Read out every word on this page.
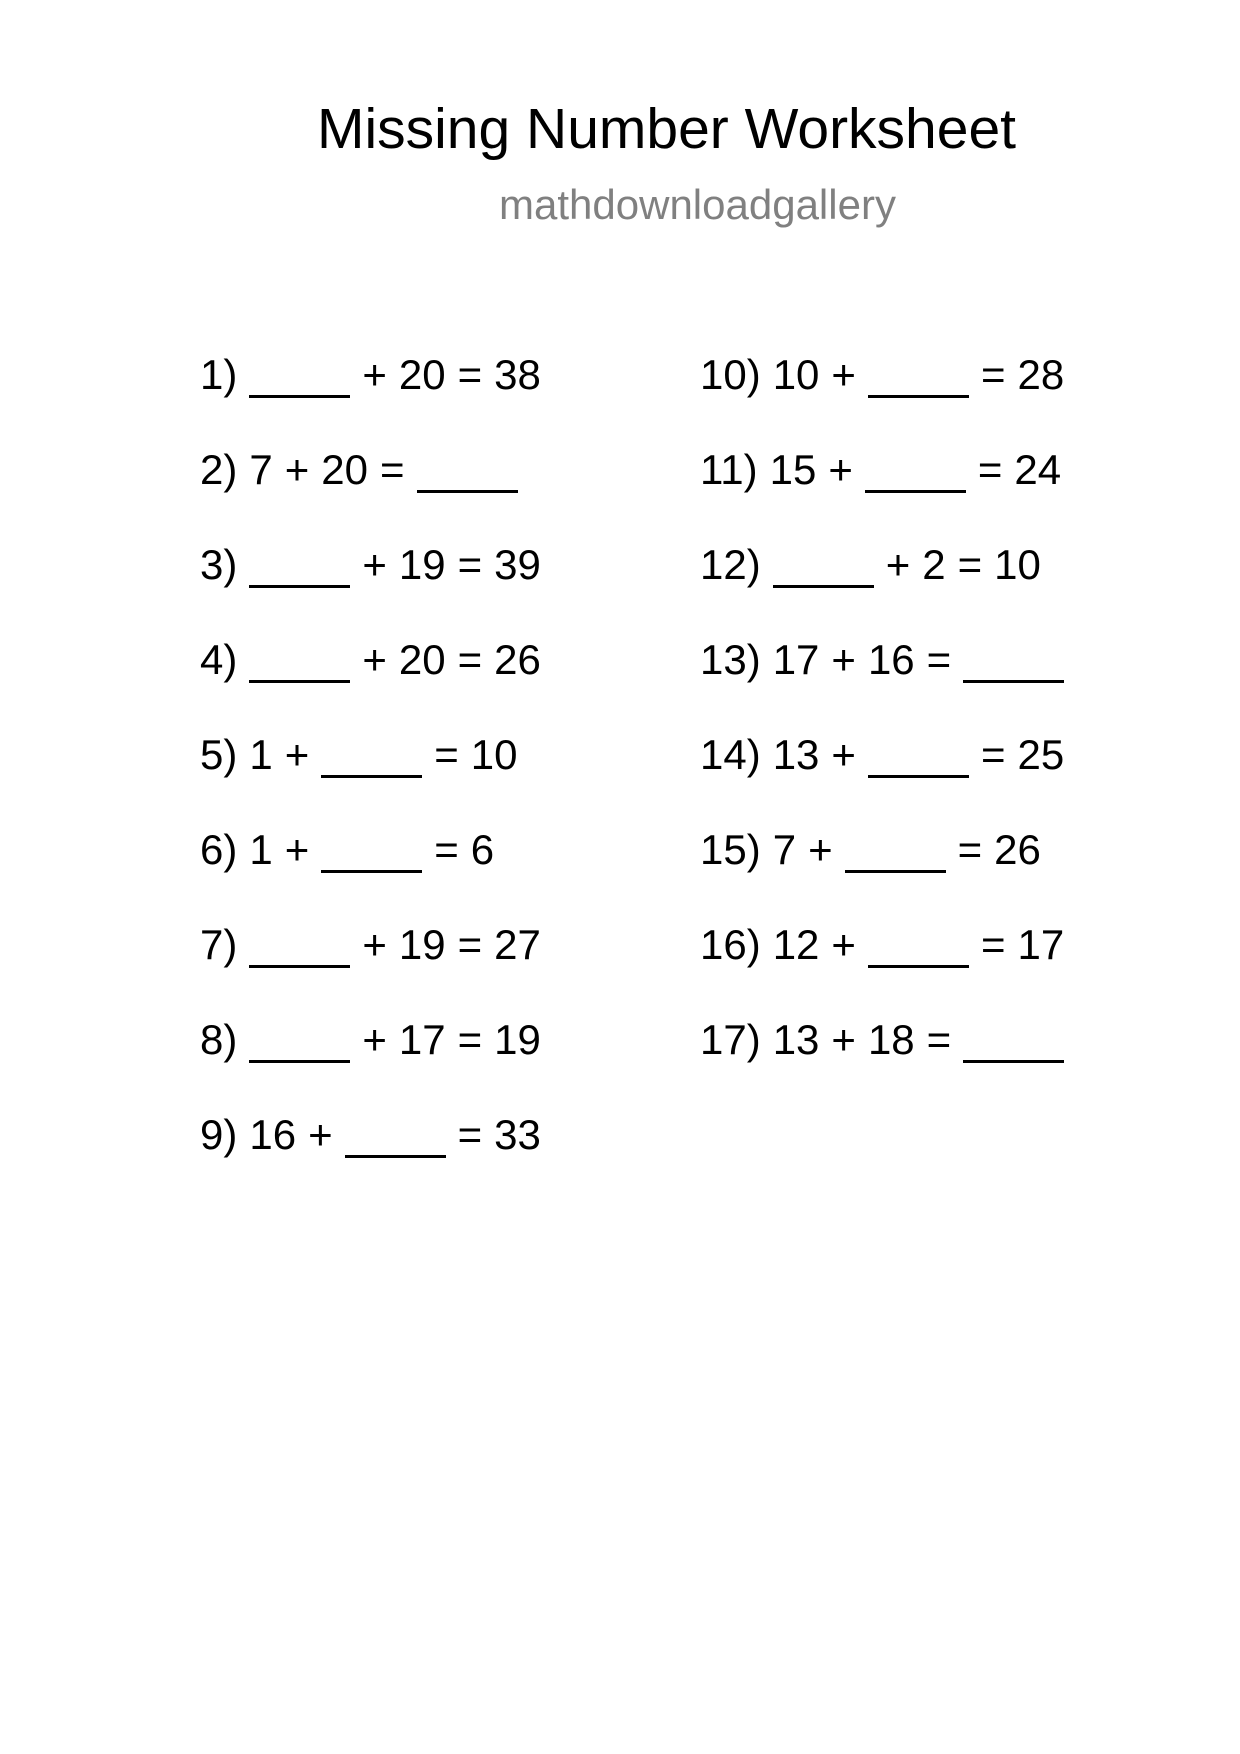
Missing Number Worksheet
mathdownloadgallery
1)	+ 20 = 38
2) 7 + 20 =
3)	+ 19 = 39
4)	+ 20 = 26
5) 1 +	= 10
6) 1 +	= 6
7)	+ 19 = 27
8)	+ 17 = 19
9) 16 +	= 33
10) 10 +	= 28
11) 15 +	= 24
12)	+ 2 = 10
13) 17 + 16 =
14) 13 +	= 25
15) 7 +	= 26
16) 12 +	= 17
17) 13 + 18 =
